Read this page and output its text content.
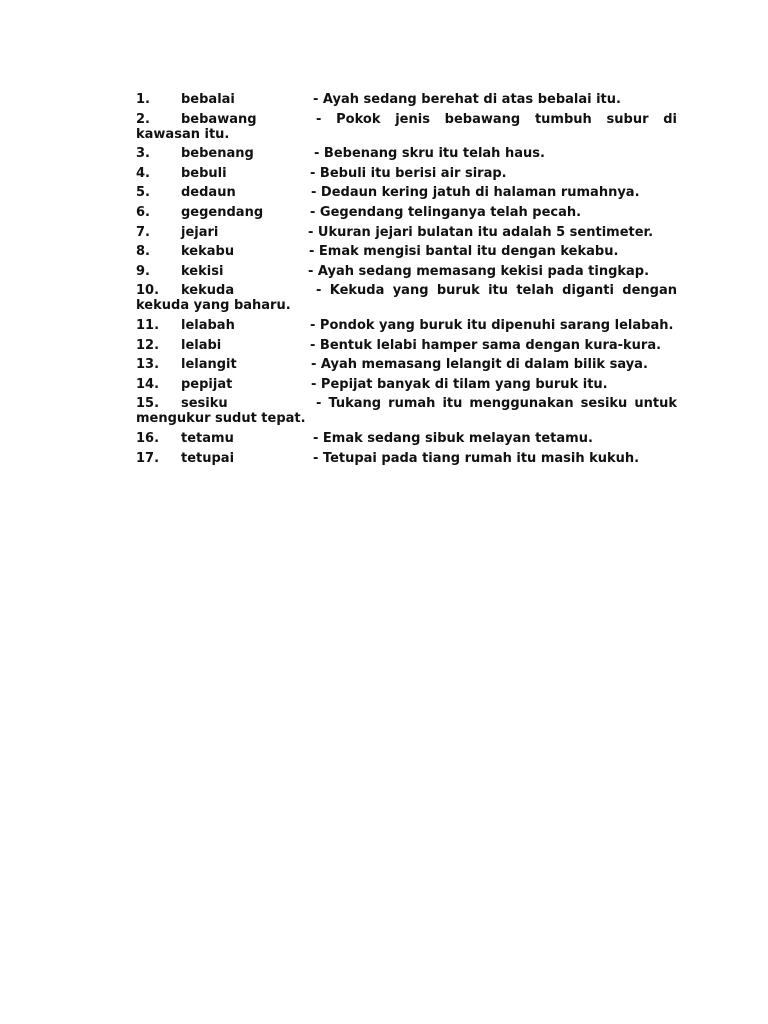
1. bebalai	- Ayah sedang berehat di atas bebalai itu.
2. bebawang	- Pokok jenis bebawang tumbuh subur di kawasan itu.
3. bebenang	- Bebenang skru itu telah haus.
4. bebuli	- Bebuli itu berisi air sirap.
5. dedaun	- Dedaun kering jatuh di halaman rumahnya.
6. gegendang	- Gegendang telinganya telah pecah.
7. jejari	- Ukuran jejari bulatan itu adalah 5 sentimeter.
8. kekabu	- Emak mengisi bantal itu dengan kekabu.
9. kekisi	- Ayah sedang memasang kekisi pada tingkap.
10. kekuda	- Kekuda yang buruk itu telah diganti dengan kekuda yang baharu.
11. lelabah	- Pondok yang buruk itu dipenuhi sarang lelabah.
12. lelabi	- Bentuk lelabi hamper sama dengan kura-kura.
13. lelangit	- Ayah memasang lelangit di dalam bilik saya.
14. pepijat	- Pepijat banyak di tilam yang buruk itu.
15. sesiku	- Tukang rumah itu menggunakan sesiku untuk mengukur sudut tepat.
16. tetamu	- Emak sedang sibuk melayan tetamu.
17. tetupai	- Tetupai pada tiang rumah itu masih kukuh.
